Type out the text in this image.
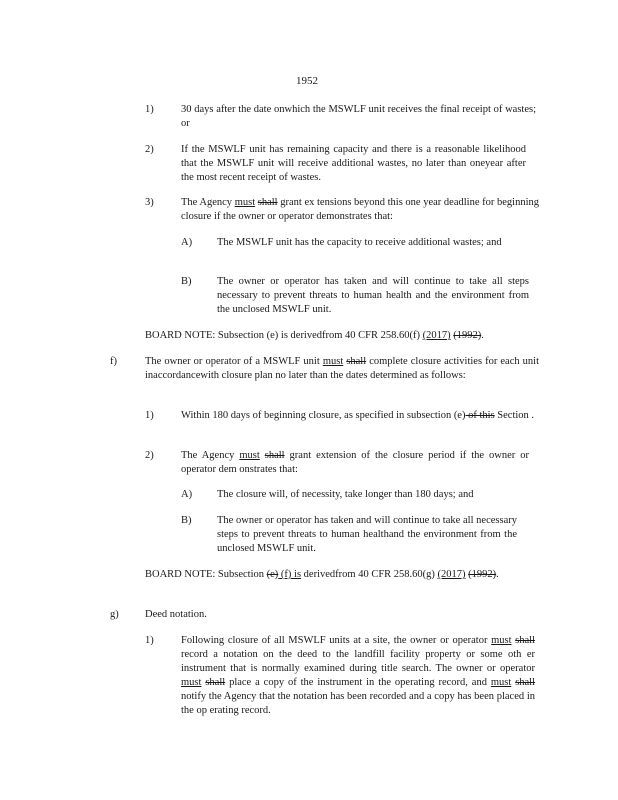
1952
1)	30 days after the date onwhich the MSWLF unit receives the final receipt of wastes; or

2)	If the MSWLF unit has remaining capacity and there is a reasonable likelihood that the MSWLF unit will receive additional wastes, no later than oneyear after the most recent receipt of wastes.

3)	The Agency must shall grant ex tensions beyond this one year deadline for beginning closure if the owner or operator demonstrates that:

A) The MSWLF unit has the capacity to receive additional wastes; and

B) The owner or operator has taken and will continue to take all steps necessary to prevent threats to human health and the environment from the unclosed MSWLF unit.

BOARD NOTE: Subsection (e) is derivedfrom 40 CFR 258.60(f) (2017) (1992).

f)	The owner or operator of a MSWLF unit must shall complete closure activities for each unit inaccordancewith closure plan no later than the dates determined as follows:

1)	Within 180 days of beginning closure, as specified in subsection (e) of this Section .

2)	The Agency must shall grant extension of the closure period if the owner or operator dem onstrates that:

A) The closure will, of necessity, take longer than 180 days; and

B) The owner or operator has taken and will continue to take all necessary steps to prevent threats to human healthand the environment from the unclosed MSWLF unit.

BOARD NOTE: Subsection (e) (f) is derivedfrom 40 CFR 258.60(g) (2017) (1992).

g)	Deed notation.

1)	Following closure of all MSWLF units at a site, the owner or operator must shall record a notation on the deed to the landfill facility property or some oth er instrument that is normally examined during title search. The owner or operator must shall place a copy of the instrument in the operating record, and must shall notify the Agency that the notation has been recorded and a copy has been placed in the op erating record.
